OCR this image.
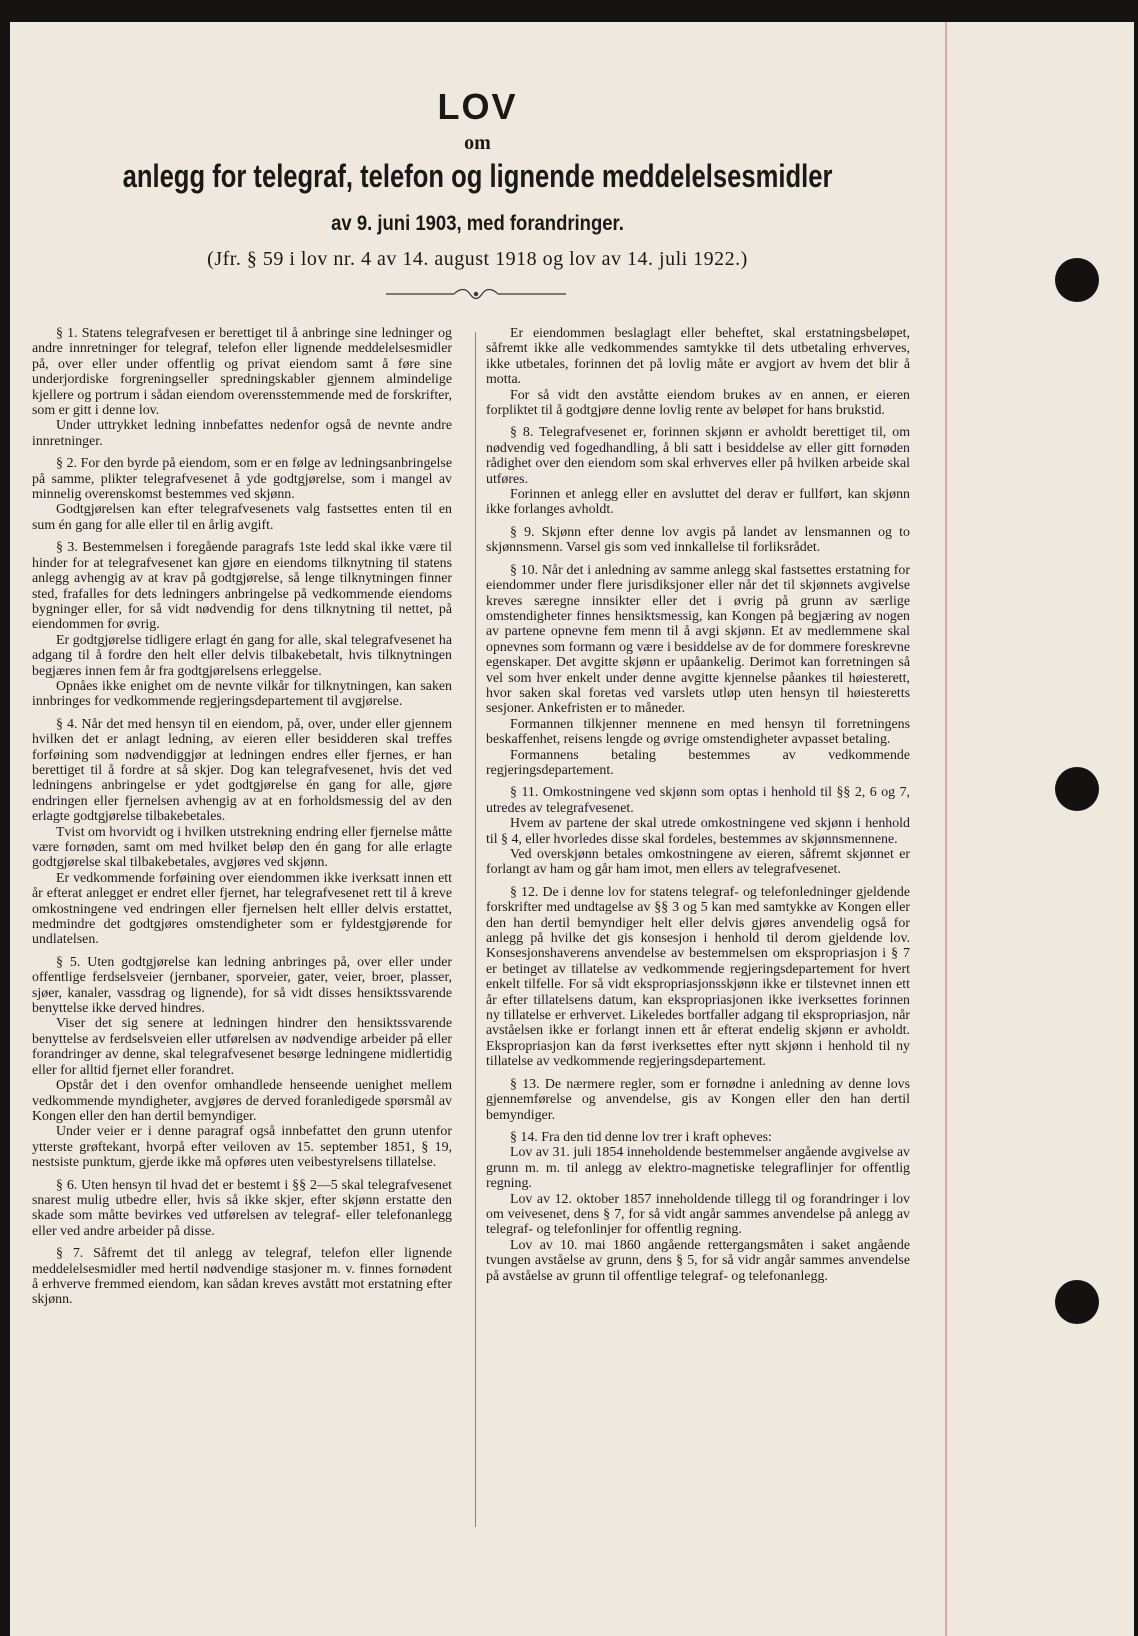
LOV
om
anlegg for telegraf, telefon og lignende meddelelsesmidler
av 9. juni 1903, med forandringer.
(Jfr. § 59 i lov nr. 4 av 14. august 1918 og lov av 14. juli 1922.)

§ 1. Statens telegrafvesen er berettiget til å anbringe sine ledninger og andre innretninger for telegraf, telefon eller lignende meddelelsesmidler på, over eller under offentlig og privat eiendom samt å føre sine underjordiske forgreningseller spredningskabler gjennem almindelige kjellere og portrum i sådan eiendom overensstemmende med de forskrifter, som er gitt i denne lov.

Under uttrykket ledning innbefattes nedenfor også de nevnte andre innretninger.

§ 2. For den byrde på eiendom, som er en følge av ledningsanbringelse på samme, plikter telegrafvesenet å yde godtgjørelse, som i mangel av minnelig overenskomst bestemmes ved skjønn.

Godtgjørelsen kan efter telegrafvesenets valg fastsettes enten til en sum én gang for alle eller til en årlig avgift.

§ 3. Bestemmelsen i foregående paragrafs 1ste ledd skal ikke være til hinder for at telegrafvesenet kan gjøre en eiendoms tilknytning til statens anlegg avhengig av at krav på godtgjørelse, så lenge tilknytningen finner sted, frafalles for dets ledningers anbringelse på vedkommende eiendoms bygninger eller, for så vidt nødvendig for dens tilknytning til nettet, på eiendommen for øvrig.

Er godtgjørelse tidligere erlagt én gang for alle, skal telegrafvesenet ha adgang til å fordre den helt eller delvis tilbakebetalt, hvis tilknytningen begjæres innen fem år fra godtgjørelsens erleggelse.

Opnåes ikke enighet om de nevnte vilkår for tilknytningen, kan saken innbringes for vedkommende regjeringsdepartement til avgjørelse.

§ 4. Når det med hensyn til en eiendom, på, over, under eller gjennem hvilken det er anlagt ledning, av eieren eller besidderen skal treffes forføining som nødvendiggjør at ledningen endres eller fjernes, er han berettiget til å fordre at så skjer. Dog kan telegrafvesenet, hvis det ved ledningens anbringelse er ydet godtgjørelse én gang for alle, gjøre endringen eller fjernelsen avhengig av at en forholdsmessig del av den erlagte godtgjørelse tilbakebetales.

Tvist om hvorvidt og i hvilken utstrekning endring eller fjernelse måtte være fornøden, samt om med hvilket beløp den én gang for alle erlagte godtgjørelse skal tilbakebetales, avgjøres ved skjønn.

Er vedkommende forføining over eiendommen ikke iverksatt innen ett år efterat anlegget er endret eller fjernet, har telegrafvesenet rett til å kreve omkostningene ved endringen eller fjernelsen helt elller delvis erstattet, medmindre det godtgjøres omstendigheter som er fyldestgjørende for undlatelsen.

§ 5. Uten godtgjørelse kan ledning anbringes på, over eller under offentlige ferdselsveier (jernbaner, sporveier, gater, veier, broer, plasser, sjøer, kanaler, vassdrag og lignende), for så vidt disses hensiktssvarende benyttelse ikke derved hindres.

Viser det sig senere at ledningen hindrer den hensiktssvarende benyttelse av ferdselsveien eller utførelsen av nødvendige arbeider på eller forandringer av denne, skal telegrafvesenet besørge ledningene midlertidig eller for alltid fjernet eller forandret.

Opstår det i den ovenfor omhandlede henseende uenighet mellem vedkommende myndigheter, avgjøres de derved foranledigede spørsmål av Kongen eller den han dertil bemyndiger.

Under veier er i denne paragraf også innbefattet den grunn utenfor ytterste grøftekant, hvorpå efter veiloven av 15. september 1851, § 19, nestsiste punktum, gjerde ikke må opføres uten veibestyrelsens tillatelse.

§ 6. Uten hensyn til hvad det er bestemt i §§ 2—5 skal telegrafvesenet snarest mulig utbedre eller, hvis så ikke skjer, efter skjønn erstatte den skade som måtte bevirkes ved utførelsen av telegraf- eller telefonanlegg eller ved andre arbeider på disse.

§ 7. Såfremt det til anlegg av telegraf, telefon eller lignende meddelelsesmidler med hertil nødvendige stasjoner m. v. finnes fornødent å erhverve fremmed eiendom, kan sådan kreves avstått mot erstatning efter skjønn.

Er eiendommen beslaglagt eller beheftet, skal erstatningsbeløpet, såfremt ikke alle vedkommendes samtykke til dets utbetaling erhverves, ikke utbetales, forinnen det på lovlig måte er avgjort av hvem det blir å motta.

For så vidt den avståtte eiendom brukes av en annen, er eieren forpliktet til å godtgjøre denne lovlig rente av beløpet for hans brukstid.

§ 8. Telegrafvesenet er, forinnen skjønn er avholdt berettiget til, om nødvendig ved fogedhandling, å bli satt i besiddelse av eller gitt fornøden rådighet over den eiendom som skal erhverves eller på hvilken arbeide skal utføres.

Forinnen et anlegg eller en avsluttet del derav er fullført, kan skjønn ikke forlanges avholdt.

§ 9. Skjønn efter denne lov avgis på landet av lensmannen og to skjønnsmenn. Varsel gis som ved innkallelse til forliksrådet.

§ 10. Når det i anledning av samme anlegg skal fastsettes erstatning for eiendommer under flere jurisdiksjoner eller når det til skjønnets avgivelse kreves særegne innsikter eller det i øvrig på grunn av særlige omstendigheter finnes hensiktsmessig, kan Kongen på begjæring av nogen av partene opnevne fem menn til å avgi skjønn. Et av medlemmene skal opnevnes som formann og være i besiddelse av de for dommere foreskrevne egenskaper. Det avgitte skjønn er upåankelig. Derimot kan forretningen så vel som hver enkelt under denne avgitte kjennelse påankes til høiesterett, hvor saken skal foretas ved varslets utløp uten hensyn til høiesteretts sesjoner. Ankefristen er to måneder.

Formannen tilkjenner mennene en med hensyn til forretningens beskaffenhet, reisens lengde og øvrige omstendigheter avpasset betaling.

Formannens betaling bestemmes av vedkommende regjeringsdepartement.

§ 11. Omkostningene ved skjønn som optas i henhold til §§ 2, 6 og 7, utredes av telegrafvesenet.

Hvem av partene der skal utrede omkostningene ved skjønn i henhold til § 4, eller hvorledes disse skal fordeles, bestemmes av skjønnsmennene.

Ved overskjønn betales omkostningene av eieren, såfremt skjønnet er forlangt av ham og går ham imot, men ellers av telegrafvesenet.

§ 12. De i denne lov for statens telegraf- og telefonledninger gjeldende forskrifter med undtagelse av §§ 3 og 5 kan med samtykke av Kongen eller den han dertil bemyndiger helt eller delvis gjøres anvendelig også for anlegg på hvilke det gis konsesjon i henhold til derom gjeldende lov. Konsesjonshaverens anvendelse av bestemmelsen om ekspropriasjon i § 7 er betinget av tillatelse av vedkommende regjeringsdepartement for hvert enkelt tilfelle. For så vidt ekspropriasjonsskjønn ikke er tilstevnet innen ett år efter tillatelsens datum, kan ekspropriasjonen ikke iverksettes forinnen ny tillatelse er erhvervet. Likeledes bortfaller adgang til ekspropriasjon, når avståelsen ikke er forlangt innen ett år efterat endelig skjønn er avholdt. Ekspropriasjon kan da først iverksettes efter nytt skjønn i henhold til ny tillatelse av vedkommende regjeringsdepartement.

§ 13. De nærmere regler, som er fornødne i anledning av denne lovs gjennemførelse og anvendelse, gis av Kongen eller den han dertil bemyndiger.

§ 14. Fra den tid denne lov trer i kraft opheves:

Lov av 31. juli 1854 inneholdende bestemmelser angående avgivelse av grunn m. m. til anlegg av elektro-magnetiske telegraflinjer for offentlig regning.

Lov av 12. oktober 1857 inneholdende tillegg til og forandringer i lov om veivesenet, dens § 7, for så vidt angår sammes anvendelse på anlegg av telegraf- og telefonlinjer for offentlig regning.

Lov av 10. mai 1860 angående rettergangsmåten i saket angående tvungen avståelse av grunn, dens § 5, for så vidr angår sammes anvendelse på avståelse av grunn til offentlige telegraf- og telefonanlegg.
